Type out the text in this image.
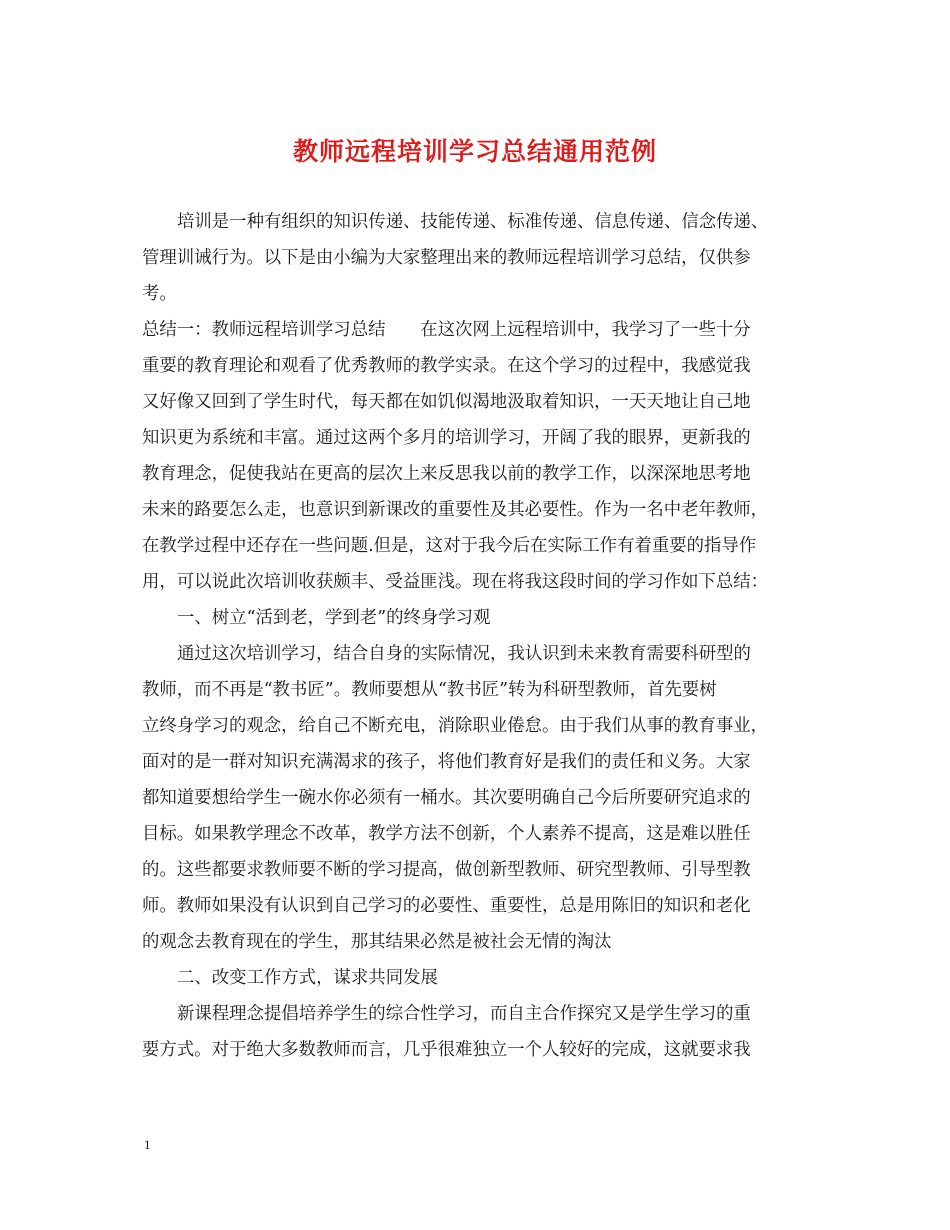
教师远程培训学习总结通用范例

培训是一种有组织的知识传递、技能传递、标准传递、信息传递、信念传递、

管理训诫行为。以下是由小编为大家整理出来的教师远程培训学习总结，仅供参

考。

总结一：教师远程培训学习总结　　在这次网上远程培训中，我学习了一些十分

重要的教育理论和观看了优秀教师的教学实录。在这个学习的过程中，我感觉我

又好像又回到了学生时代，每天都在如饥似渴地汲取着知识，一天天地让自己地

知识更为系统和丰富。通过这两个多月的培训学习，开阔了我的眼界，更新我的

教育理念，促使我站在更高的层次上来反思我以前的教学工作，以深深地思考地

未来的路要怎么走，也意识到新课改的重要性及其必要性。作为一名中老年教师，

在教学过程中还存在一些问题.但是，这对于我今后在实际工作有着重要的指导作

用，可以说此次培训收获颇丰、受益匪浅。现在将我这段时间的学习作如下总结：

一、树立“活到老，学到老”的终身学习观

通过这次培训学习，结合自身的实际情况，我认识到未来教育需要科研型的

教师，而不再是“教书匠”。教师要想从“教书匠”转为科研型教师，首先要树

立终身学习的观念，给自己不断充电，消除职业倦怠。由于我们从事的教育事业，

面对的是一群对知识充满渴求的孩子，将他们教育好是我们的责任和义务。大家

都知道要想给学生一碗水你必须有一桶水。其次要明确自己今后所要研究追求的

目标。如果教学理念不改革，教学方法不创新，个人素养不提高，这是难以胜任

的。这些都要求教师要不断的学习提高，做创新型教师、研究型教师、引导型教

师。教师如果没有认识到自己学习的必要性、重要性，总是用陈旧的知识和老化

的观念去教育现在的学生，那其结果必然是被社会无情的淘汰

二、改变工作方式，谋求共同发展

新课程理念提倡培养学生的综合性学习，而自主合作探究又是学生学习的重

要方式。对于绝大多数教师而言，几乎很难独立一个人较好的完成，这就要求我

1
